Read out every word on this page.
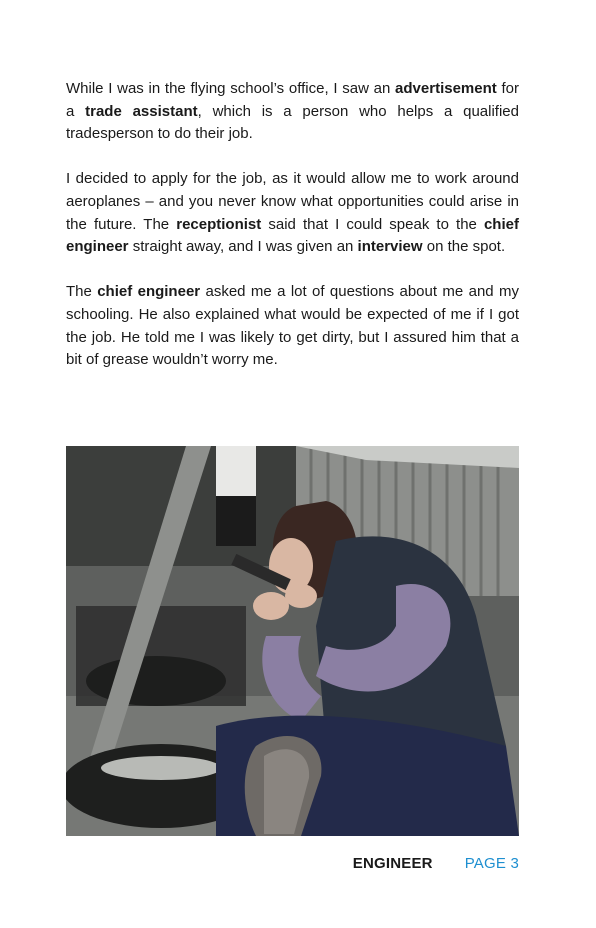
While I was in the flying school’s office, I saw an advertisement for a trade assistant, which is a person who helps a qualified tradesperson to do their job.

I decided to apply for the job, as it would allow me to work around aeroplanes – and you never know what opportunities could arise in the future. The receptionist said that I could speak to the chief engineer straight away, and I was given an interview on the spot.

The chief engineer asked me a lot of questions about me and my schooling. He also explained what would be expected of me if I got the job. He told me I was likely to get dirty, but I assured him that a bit of grease wouldn’t worry me.

ENGINEER PAGE 3
